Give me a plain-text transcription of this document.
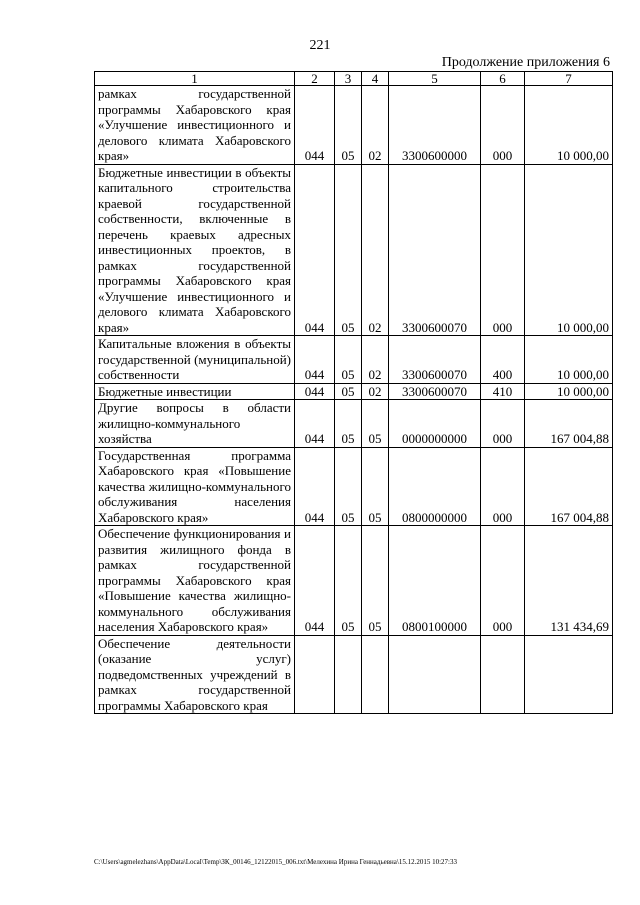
221
Продолжение приложения 6
1	2	3	4	5	6	7
рамках государственной программы Хабаровского края «Улучшение инвестиционного и делового климата Хабаровского края»	044	05	02	3300600000	000	10 000,00
Бюджетные инвестиции в объекты капитального строительства краевой государственной собственности, включенные в перечень краевых адресных инвестиционных проектов, в рамках государственной программы Хабаровского края «Улучшение инвестиционного и делового климата Хабаровского края»	044	05	02	3300600070	000	10 000,00
Капитальные вложения в объекты государственной (муниципальной) собственности	044	05	02	3300600070	400	10 000,00
Бюджетные инвестиции	044	05	02	3300600070	410	10 000,00
Другие вопросы в области жилищно-коммунального хозяйства	044	05	05	0000000000	000	167 004,88
Государственная программа Хабаровского края «Повышение качества жилищно-коммунального обслуживания населения Хабаровского края»	044	05	05	0800000000	000	167 004,88
Обеспечение функционирования и развития жилищного фонда в рамках государственной программы Хабаровского края «Повышение качества жилищно-коммунального обслуживания населения Хабаровского края»	044	05	05	0800100000	000	131 434,69
Обеспечение деятельности (оказание услуг) подведомственных учреждений в рамках государственной программы Хабаровского края						
C:\Users\agmelezhans\AppData\Local\Temp\ЗК_00146_12122015_006.txt\Мелехина Ирина Геннадьевна\15.12.2015 10:27:33
